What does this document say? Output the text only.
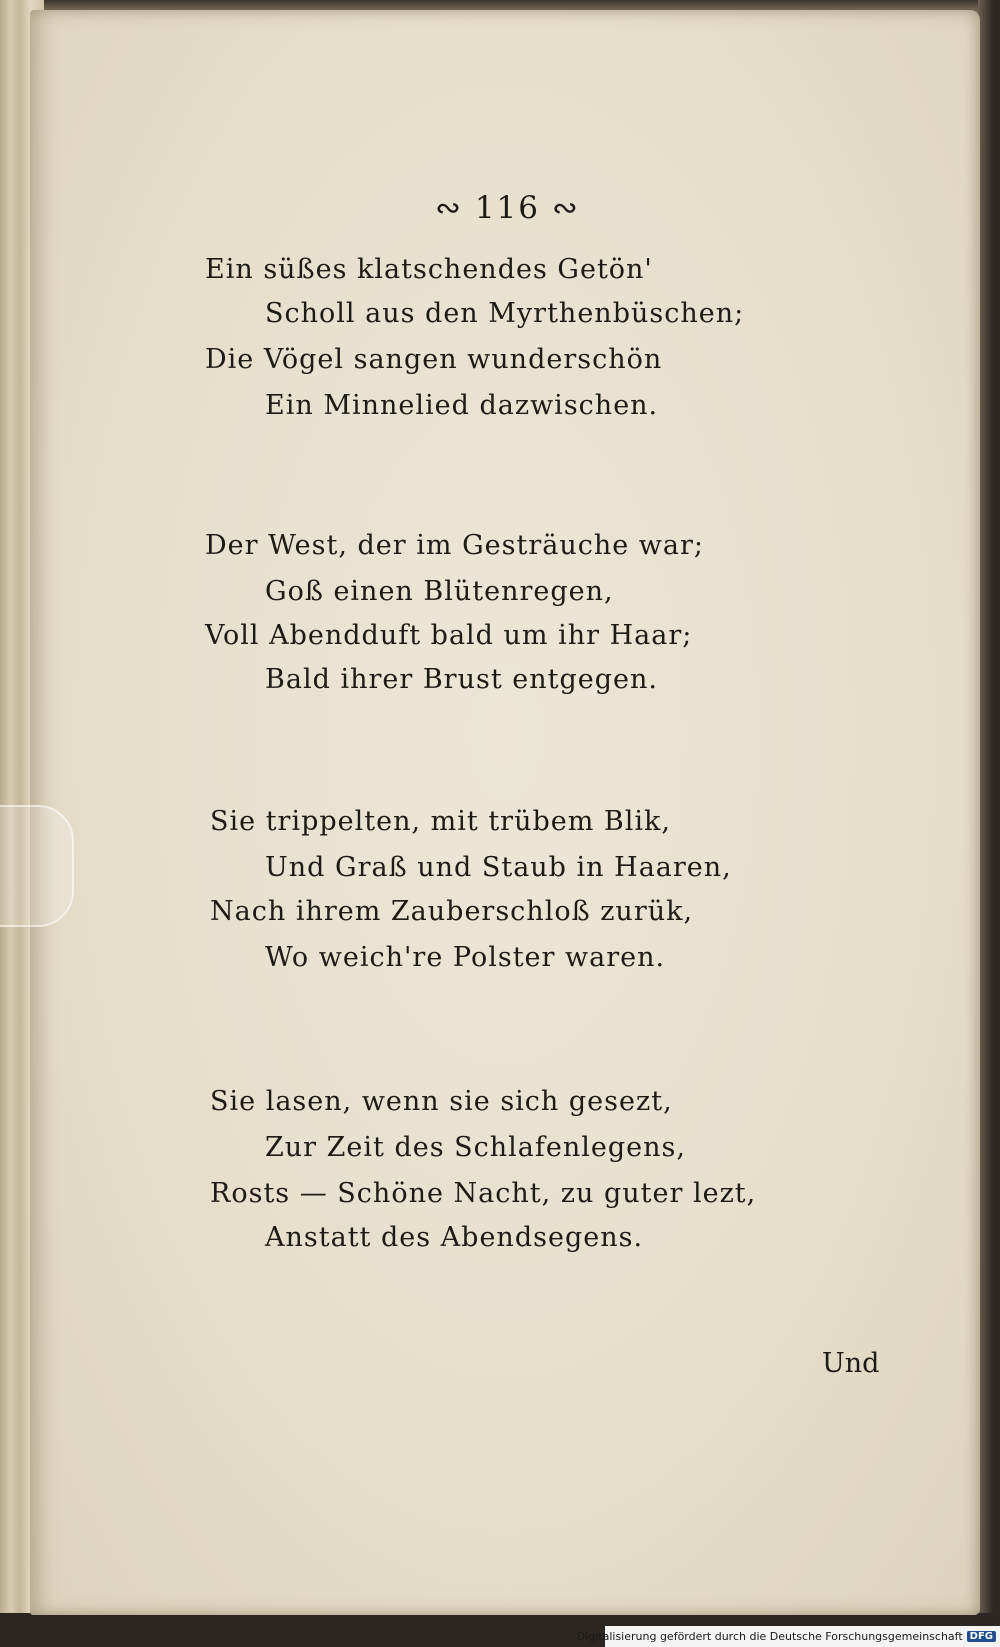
∾ 116 ∾
Ein süßes klatschendes Getön'
Scholl aus den Myrthenbüschen;
Die Vögel sangen wunderschön
Ein Minnelied dazwischen.
Der West, der im Gesträuche war;
Goß einen Blütenregen,
Voll Abendduft bald um ihr Haar;
Bald ihrer Brust entgegen.
Sie trippelten, mit trübem Blik,
Und Graß und Staub in Haaren,
Nach ihrem Zauberschloß zurük,
Wo weich're Polster waren.
Sie lasen, wenn sie sich gesezt,
Zur Zeit des Schlafenlegens,
Rosts — Schöne Nacht, zu guter lezt,
Anstatt des Abendsegens.
Und
Digitalisierung gefördert durch die Deutsche Forschungsgemeinschaft DFG
